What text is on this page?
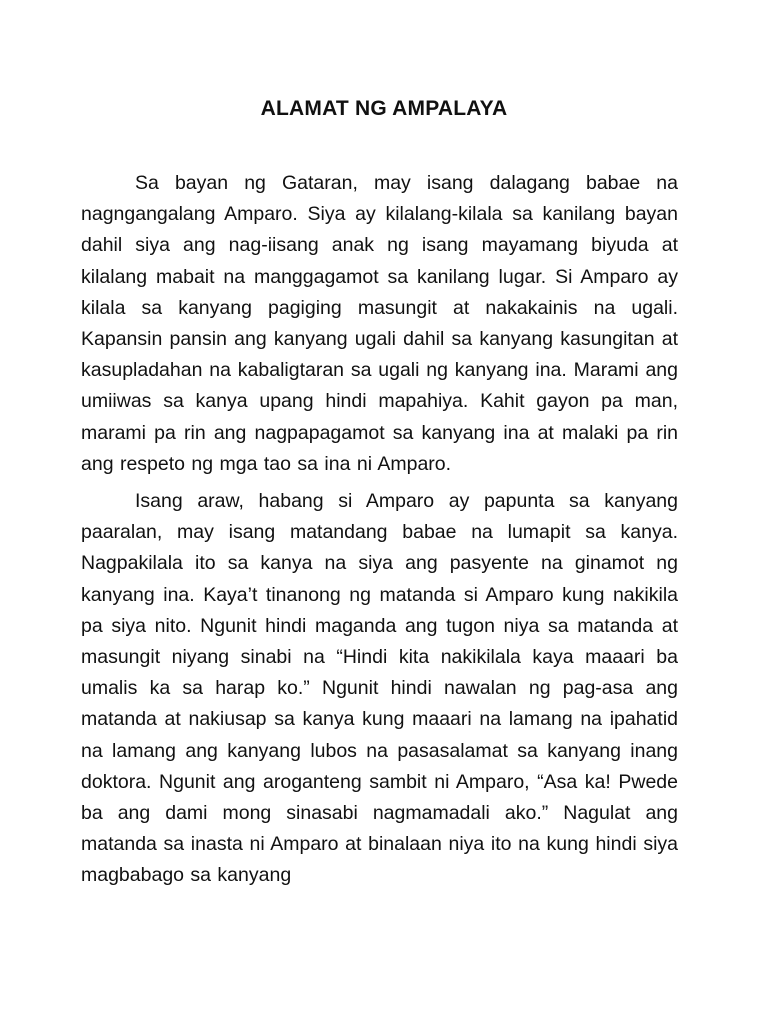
ALAMAT NG AMPALAYA

Sa bayan ng Gataran, may isang dalagang babae na nagngangalang Amparo. Siya ay kilalang-kilala sa kanilang bayan dahil siya ang nag-iisang anak ng isang mayamang biyuda at kilalang mabait na manggagamot sa kanilang lugar. Si Amparo ay kilala sa kanyang pagiging masungit at nakakainis na ugali. Kapansin pansin ang kanyang ugali dahil sa kanyang kasungitan at kasupladahan na kabaligtaran sa ugali ng kanyang ina. Marami ang umiiwas sa kanya upang hindi mapahiya. Kahit gayon pa man, marami pa rin ang nagpapagamot sa kanyang ina at malaki pa rin ang respeto ng mga tao sa ina ni Amparo.

Isang araw, habang si Amparo ay papunta sa kanyang paaralan, may isang matandang babae na lumapit sa kanya. Nagpakilala ito sa kanya na siya ang pasyente na ginamot ng kanyang ina. Kaya’t tinanong ng matanda si Amparo kung nakikila pa siya nito. Ngunit hindi maganda ang tugon niya sa matanda at masungit niyang sinabi na “Hindi kita nakikilala kaya maaari ba umalis ka sa harap ko.” Ngunit hindi nawalan ng pag-asa ang matanda at nakiusap sa kanya kung maaari na lamang na ipahatid na lamang ang kanyang lubos na pasasalamat sa kanyang inang doktora. Ngunit ang aroganteng sambit ni Amparo, “Asa ka! Pwede ba ang dami mong sinasabi nagmamadali ako.” Nagulat ang matanda sa inasta ni Amparo at binalaan niya ito na kung hindi siya magbabago sa kanyang
